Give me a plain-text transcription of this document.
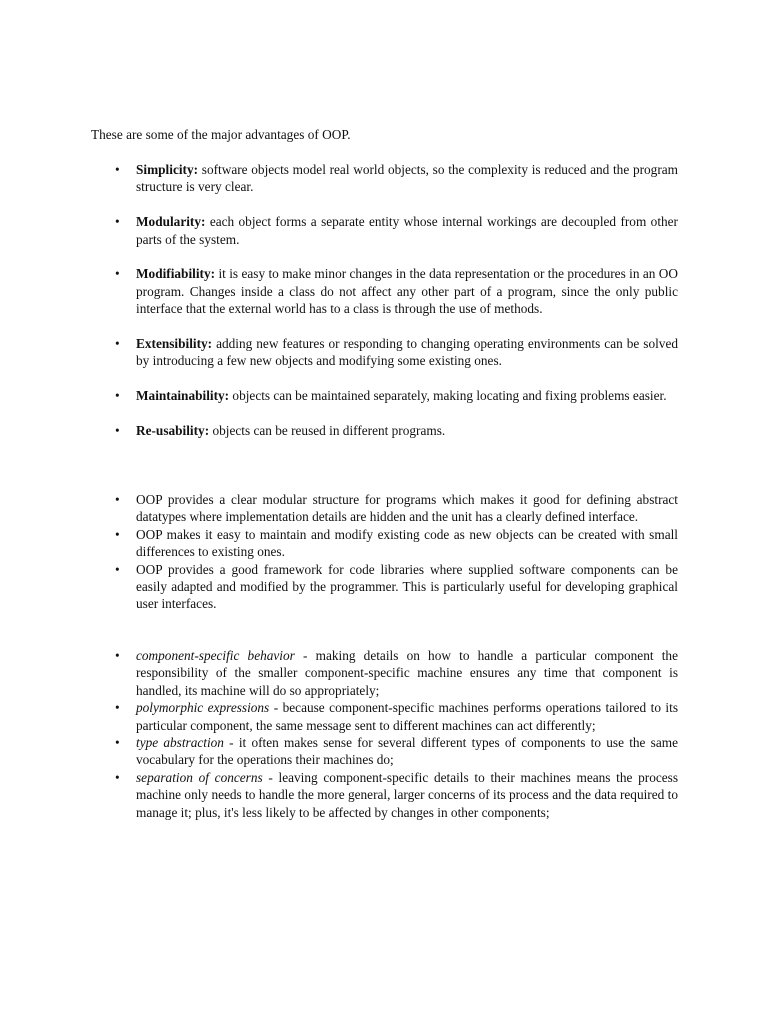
These are some of the major advantages of OOP.

• Simplicity: software objects model real world objects, so the complexity is reduced and the program structure is very clear.
• Modularity: each object forms a separate entity whose internal workings are decoupled from other parts of the system.
• Modifiability: it is easy to make minor changes in the data representation or the procedures in an OO program. Changes inside a class do not affect any other part of a program, since the only public interface that the external world has to a class is through the use of methods.
• Extensibility: adding new features or responding to changing operating environments can be solved by introducing a few new objects and modifying some existing ones.
• Maintainability: objects can be maintained separately, making locating and fixing problems easier.
• Re-usability: objects can be reused in different programs.
• OOP provides a clear modular structure for programs which makes it good for defining abstract datatypes where implementation details are hidden and the unit has a clearly defined interface.
• OOP makes it easy to maintain and modify existing code as new objects can be created with small differences to existing ones.
• OOP provides a good framework for code libraries where supplied software components can be easily adapted and modified by the programmer. This is particularly useful for developing graphical user interfaces.
• component-specific behavior - making details on how to handle a particular component the responsibility of the smaller component-specific machine ensures any time that component is handled, its machine will do so appropriately;
• polymorphic expressions - because component-specific machines performs operations tailored to its particular component, the same message sent to different machines can act differently;
• type abstraction - it often makes sense for several different types of components to use the same vocabulary for the operations their machines do;
• separation of concerns - leaving component-specific details to their machines means the process machine only needs to handle the more general, larger concerns of its process and the data required to manage it; plus, it's less likely to be affected by changes in other components;
